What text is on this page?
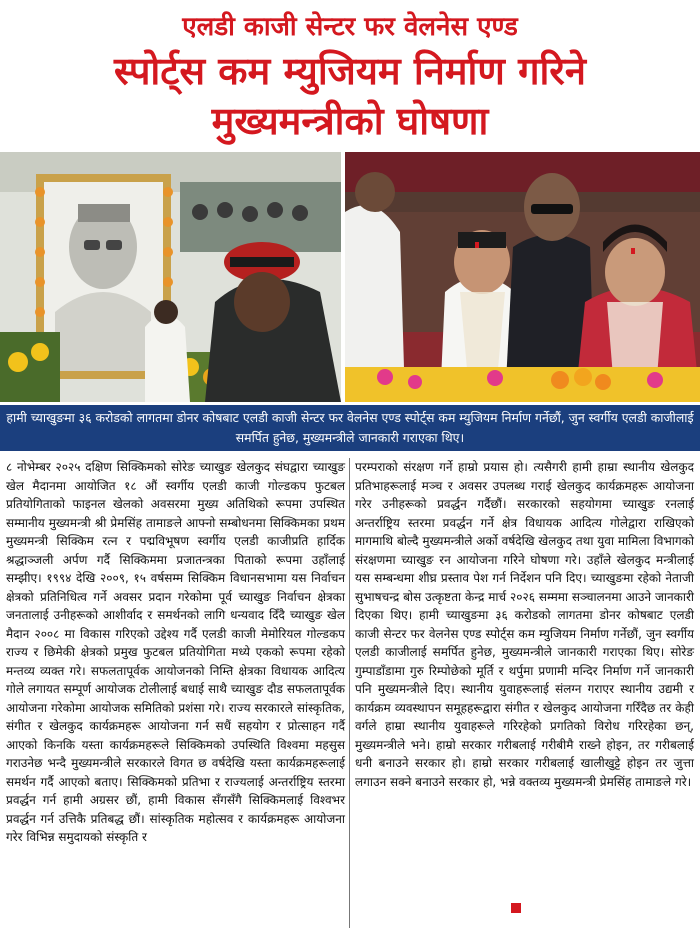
एलडी काजी सेन्टर फर वेलनेस एण्ड
स्पोर्ट्स कम म्युजियम निर्माण गरिने
मुख्यमन्त्रीको घोषणा
हामी च्याखुङमा ३६ करोडको लागतमा डोनर कोषबाट एलडी काजी सेन्टर फर वेलनेस एण्ड स्पोर्ट्स कम म्युजियम निर्माण गर्नेछौं, जुन स्वर्गीय एलडी काजीलाई समर्पित हुनेछ, मुख्यमन्त्रीले जानकारी गराएका थिए।
८ नोभेम्बर २०२५ दक्षिण सिक्किमको सोरेङ च्याखुङ खेलकुद संघद्वारा च्याखुङ खेल मैदानमा आयोजित १८ औं स्वर्गीय एलडी काजी गोल्डकप फुटबल प्रतियोगिताको फाइनल खेलको अवसरमा मुख्य अतिथिको रूपमा उपस्थित सम्मानीय मुख्यमन्त्री श्री प्रेमसिंह तामाङले आफ्नो सम्बोधनमा सिक्किमका प्रथम मुख्यमन्त्री सिक्किम रत्न र पद्मविभूषण स्वर्गीय एलडी काजीप्रति हार्दिक श्रद्धाञ्जली अर्पण गर्दै सिक्किममा प्रजातन्त्रका पिताको रूपमा उहाँलाई सम्झीए। १९९४ देखि २००९, १५ वर्षसम्म सिक्किम विधानसभामा यस निर्वाचन क्षेत्रको प्रतिनिधित्व गर्ने अवसर प्रदान गरेकोमा पूर्व च्याखुङ निर्वाचन क्षेत्रका जनतालाई उनीहरूको आशीर्वाद र समर्थनको लागि धन्यवाद दिँदै च्याखुङ खेल मैदान २००८ मा विकास गरिएको उद्देश्य गर्दै एलडी काजी मेमोरियल गोल्डकप राज्य र छिमेकी क्षेत्रको प्रमुख फुटबल प्रतियोगिता मध्ये एकको रूपमा रहेको मन्तव्य व्यक्त गरे। सफलतापूर्वक आयोजनको निम्ति क्षेत्रका विधायक आदित्य गोले लगायत सम्पूर्ण आयोजक टोलीलाई बधाई साथै च्याखुङ दौड सफलतापूर्वक आयोजना गरेकोमा आयोजक समितिको प्रशंसा गरे। राज्य सरकारले सांस्कृतिक, संगीत र खेलकुद कार्यक्रमहरू आयोजना गर्न सधैं सहयोग र प्रोत्साहन गर्दै आएको किनकि यस्ता कार्यक्रमहरूले सिक्किमको उपस्थिति विश्वमा महसुस गराउनेछ भन्दै मुख्यमन्त्रीले सरकारले विगत छ वर्षदेखि यस्ता कार्यक्रमहरूलाई समर्थन गर्दै आएको बताए। सिक्किमको प्रतिभा र राज्यलाई अन्तर्राष्ट्रिय स्तरमा प्रवर्द्धन गर्न हामी अग्रसर छौं, हामी विकास सँगसँगै सिक्किमलाई विश्वभर प्रवर्द्धन गर्न उत्तिकै प्रतिबद्ध छौं। सांस्कृतिक महोत्सव र कार्यक्रमहरू आयोजना गरेर विभिन्न समुदायको संस्कृति र
परम्पराको संरक्षण गर्ने हाम्रो प्रयास हो। त्यसैगरी हामी हाम्रा स्थानीय खेलकुद प्रतिभाहरूलाई मञ्च र अवसर उपलब्ध गराई खेलकुद कार्यक्रमहरू आयोजना गरेर उनीहरूको प्रवर्द्धन गर्दैछौं। सरकारको सहयोगमा च्याखुङ रनलाई अन्तर्राष्ट्रिय स्तरमा प्रवर्द्धन गर्ने क्षेत्र विधायक आदित्य गोलेद्वारा राखिएको मागमाथि बोल्दै मुख्यमन्त्रीले अर्को वर्षदेखि खेलकुद तथा युवा मामिला विभागको संरक्षणमा च्याखुङ रन आयोजना गरिने घोषणा गरे। उहाँले खेलकुद मन्त्रीलाई यस सम्बन्धमा शीघ्र प्रस्ताव पेश गर्न निर्देशन पनि दिए। च्याखुङमा रहेको नेताजी सुभाषचन्द्र बोस उत्कृष्टता केन्द्र मार्च २०२६ सम्ममा सञ्चालनमा आउने जानकारी दिएका थिए। हामी च्याखुङमा ३६ करोडको लागतमा डोनर कोषबाट एलडी काजी सेन्टर फर वेलनेस एण्ड स्पोर्ट्स कम म्युजियम निर्माण गर्नेछौं, जुन स्वर्गीय एलडी काजीलाई समर्पित हुनेछ, मुख्यमन्त्रीले जानकारी गराएका थिए। सोरेङ गुम्पाडाँडामा गुरु रिम्पोछेको मूर्ति र थर्पुमा प्रणामी मन्दिर निर्माण गर्ने जानकारी पनि मुख्यमन्त्रीले दिए। स्थानीय युवाहरूलाई संलग्न गराएर स्थानीय उद्यमी र कार्यक्रम व्यवस्थापन समूहहरूद्वारा संगीत र खेलकुद आयोजना गरिँदैछ तर केही वर्गले हाम्रा स्थानीय युवाहरूले गरिरहेको प्रगतिको विरोध गरिरहेका छन्, मुख्यमन्त्रीले भने। हाम्रो सरकार गरीबलाई गरीबीमै राख्ने होइन, तर गरीबलाई धनी बनाउने सरकार हो। हाम्रो सरकार गरीबलाई खालीखुट्टे होइन तर जुत्ता लगाउन सक्ने बनाउने सरकार हो, भन्ने वक्तव्य मुख्यमन्त्री प्रेमसिंह तामाङले गरे।
